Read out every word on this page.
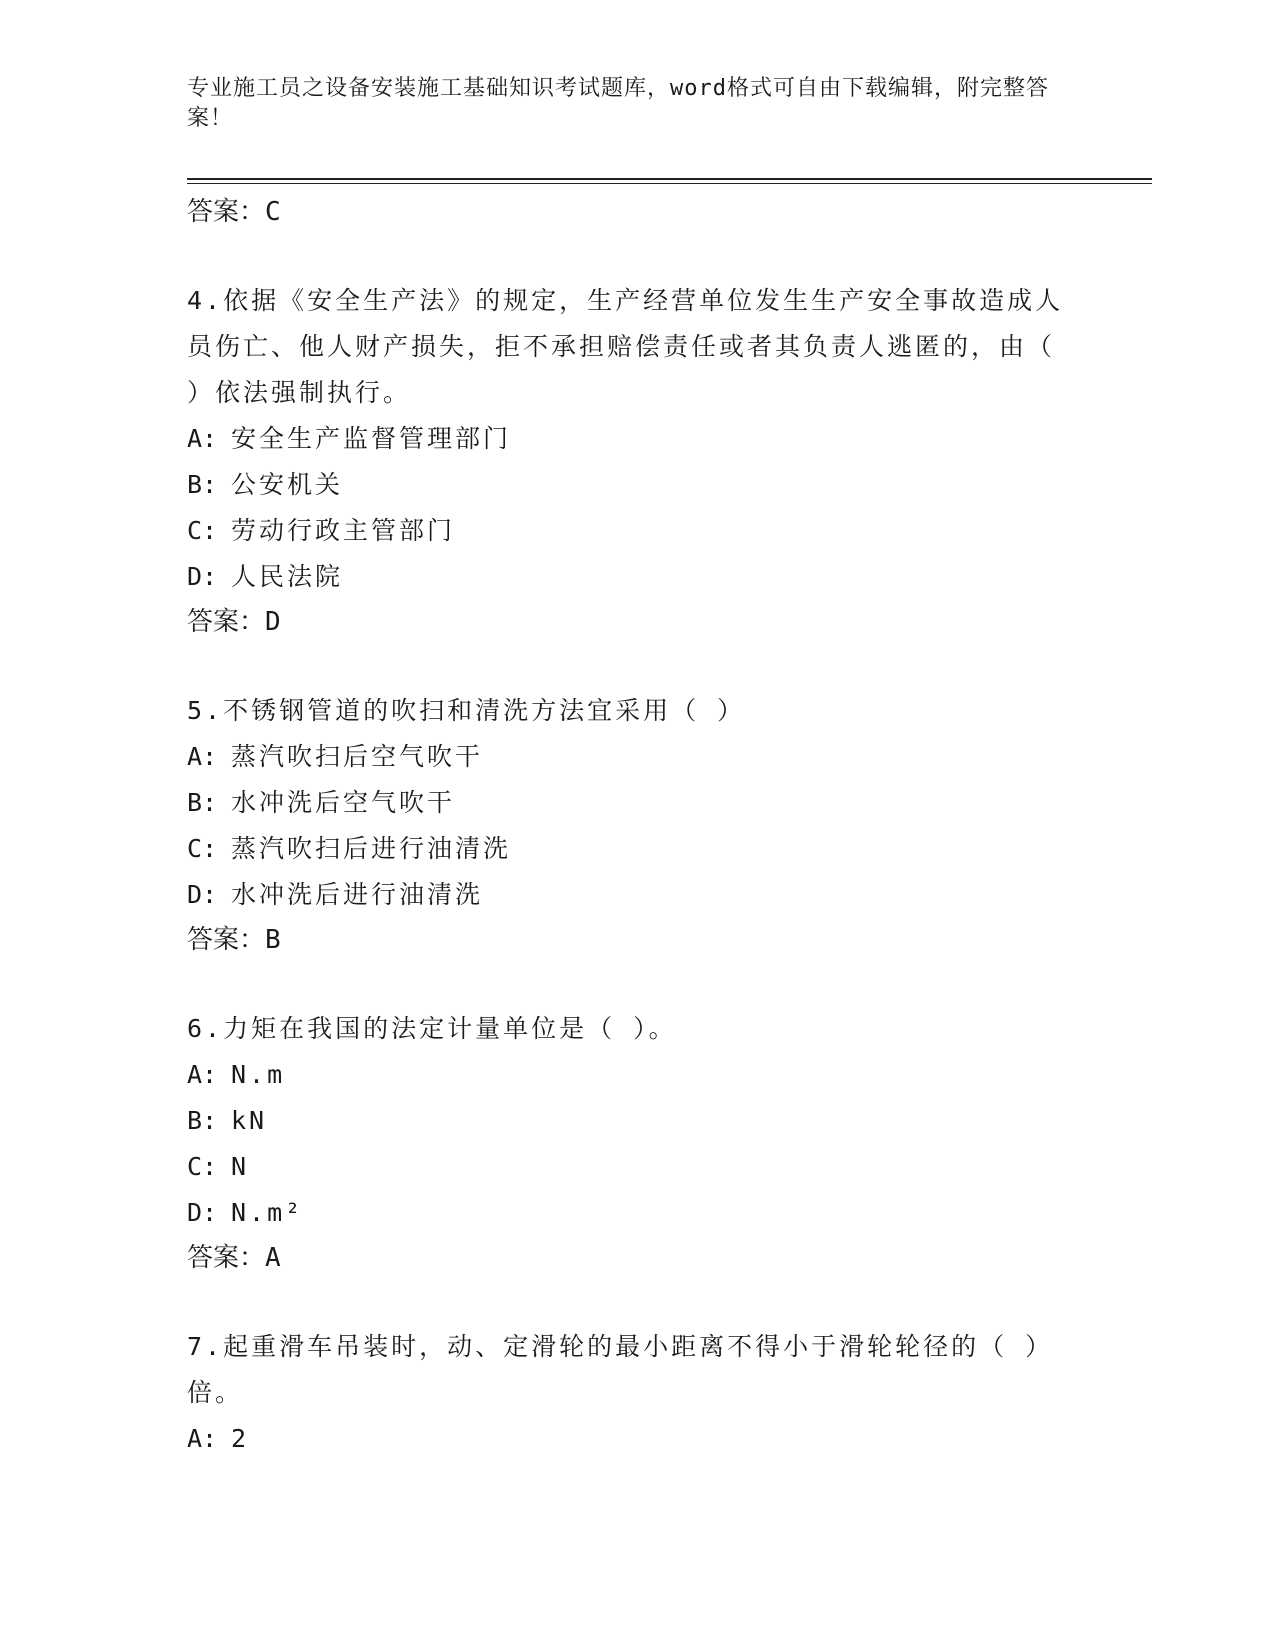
专业施工员之设备安装施工基础知识考试题库，word格式可自由下载编辑，附完整答案！
答案：C
4.依据《安全生产法》的规定，生产经营单位发生生产安全事故造成人员伤亡、他人财产损失，拒不承担赔偿责任或者其负责人逃匿的，由（ ）依法强制执行。
A: 安全生产监督管理部门
B: 公安机关
C: 劳动行政主管部门
D: 人民法院
答案：D
5.不锈钢管道的吹扫和清洗方法宜采用（ ）
A: 蒸汽吹扫后空气吹干
B: 水冲洗后空气吹干
C: 蒸汽吹扫后进行油清洗
D: 水冲洗后进行油清洗
答案：B
6.力矩在我国的法定计量单位是（ ）。
A: N.m
B: kN
C: N
D: N.m²
答案：A
7.起重滑车吊装时，动、定滑轮的最小距离不得小于滑轮轮径的（ ）倍。
A: 2
